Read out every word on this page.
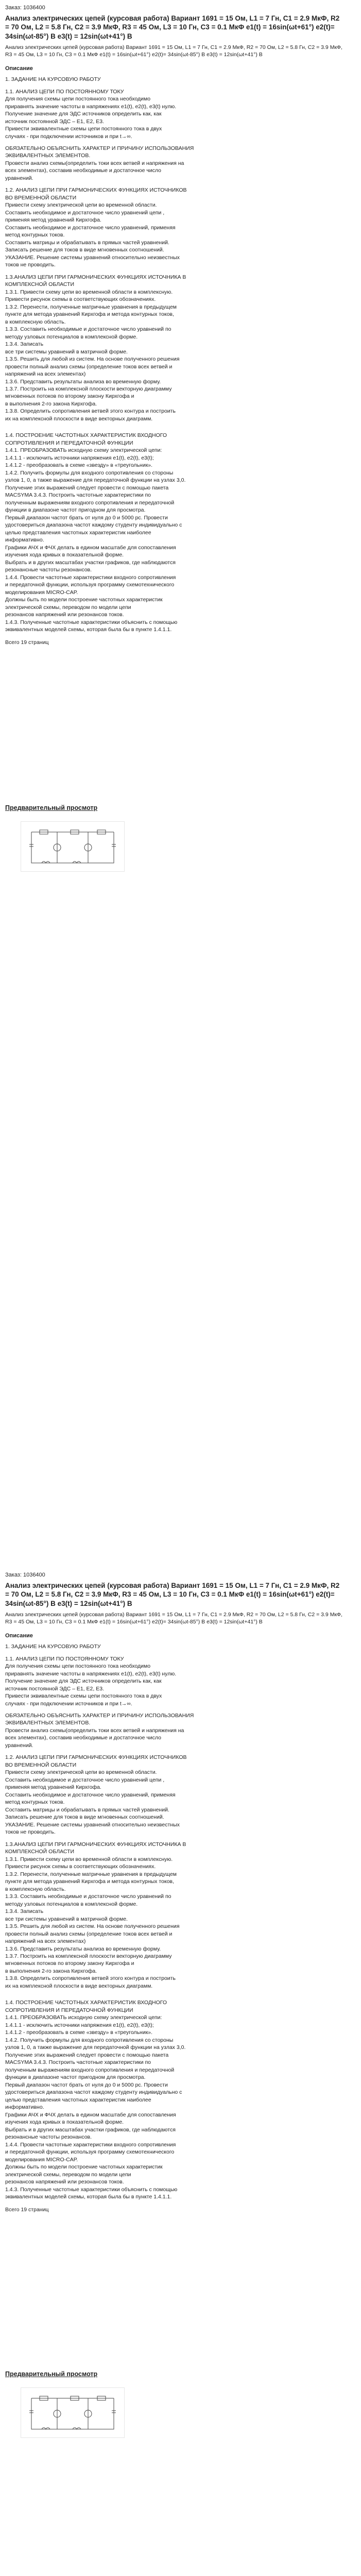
Заказ: 1036400
Анализ электрических цепей (курсовая работа) Вариант 1691 = 15 Ом, L1 = 7 Гн, C1 = 2.9 МкФ, R2 = 70 Ом, L2 = 5.8 Гн, C2 = 3.9 МкФ, R3 = 45 Ом, L3 = 10 Гн, C3 = 0.1 МкФ e1(t) = 16sin(ωt+61°) e2(t)= 34sin(ωt-85°) B e3(t) = 12sin(ωt+41°) B
Анализ электрических цепей (курсовая работа) Вариант 1691 = 15 Ом, L1 = 7 Гн, C1 = 2.9 МкФ, R2 = 70 Ом, L2 = 5.8 Гн, C2 = 3.9 МкФ, R3 = 45 Ом, L3 = 10 Гн, C3 = 0.1 МкФ e1(t) = 16sin(ωt+61°) e2(t)= 34sin(ωt-85°) B e3(t) = 12sin(ωt+41°) B
Описание

1. ЗАДАНИЕ НА КУРСОВУЮ РАБОТУ

1.1. АНАЛИЗ ЦЕПИ ПО ПОСТОЯННОМУ ТОКУ

Для получения схемы цепи постоянного тока необходимо

приравнять значение частоты в напряжениях e1(t), e2(t), e3(t) нулю.

Получение значение для ЭДС источников определить как, как

источник постоянной ЭДС – E1, E2, E3.

Привести эквивалентные схемы цепи постоянного тока в двух

случаях - при подключении источников и при t→∞.

ОБЯЗАТЕЛЬНО ОБЪЯСНИТЬ ХАРАКТЕР И ПРИЧИНУ ИСПОЛЬЗОВАНИЯ

ЭКВИВАЛЕНТНЫХ ЭЛЕМЕНТОВ.

Провести анализ схемы(определить токи всех ветвей и напряжения на

всех элементах), составив необходимые и достаточное число

уравнений.

1.2. АНАЛИЗ ЦЕПИ ПРИ ГАРМОНИЧЕСКИХ ФУНКЦИЯХ ИСТОЧНИКОВ

ВО ВРЕМЕННОЙ ОБЛАСТИ

Привести схему электрической цепи во временной области.

Составить необходимое и достаточное число уравнений цепи ,

применяя метод уравнений Кирхгофа.

Составить необходимое и достаточное число уравнений, применяя

метод контурных токов.

Составить матрицы и обрабатывать в прямых частей уравнений.

Записать решение для токов в виде мгновенных соотношений.

УКАЗАНИЕ. Решение системы уравнений относительно неизвестных

токов не проводить.

1.3.АНАЛИЗ ЦЕПИ ПРИ ГАРМОНИЧЕСКИХ ФУНКЦИЯХ ИСТОЧНИКА В

КОМПЛЕКСНОЙ ОБЛАСТИ

1.3.1. Привести схему цепи во временной области в комплексную.

Привести рисунок схемы в соответствующих обозначениях.

1.3.2. Перенести, полученные матричные уравнения в предыдущем

пункте для метода уравнений Кирхгофа и метода контурных токов,

в комплексную область.

1.3.3. Составить необходимые и достаточное число уравнений по

методу узловых потенциалов в комплексной форме.

1.3.4. Записать

все три системы уравнений в матричной форме.

1.3.5. Решить для любой из систем. На основе полученного решения

провести полный анализ схемы (определение токов всех ветвей и

напряжений на всех элементах)

1.3.6. Представить результаты анализа во временную форму.

1.3.7. Построить на комплексной плоскости векторную диаграмму

мгновенных потоков по второму закону Кирхгофа и

в выполнения 2-го закона Кирхгофа.

1.3.8. Определить сопротивления ветвей этого контура и построить

их на комплексной плоскости в виде векторных диаграмм.

1.4. ПОСТРОЕНИЕ ЧАСТОТНЫХ ХАРАКТЕРИСТИК ВХОДНОГО

СОПРОТИВЛЕНИЯ И ПЕРЕДАТОЧНОЙ ФУНКЦИИ

1.4.1. ПРЕОБРАЗОВАТЬ исходную схему электрической цепи:

1.4.1.1 - исключить источники напряжения e1(t), e2(t), e3(t);

1.4.1.2 - преобразовать в схеме «звезду» в «треугольник».

1.4.2. Получить формулы для входного сопротивления со стороны

узлов 1, 0, а также выражение для передаточной функции на узлах 3,0.

Получение этих выражений следует провести с помощью пакета

MACSYMA 3.4.3. Построить частотные характеристики по

полученным выражениям входного сопротивления и передаточной

функции в диапазоне частот пригодном для просмотра.

Первый диапазон частот брать от нуля до 0 и 5000 рс. Провести

удостовериться диапазона частот каждому студенту индивидуально с

целью представления частотных характеристик наиболее

информативно.

Графики АЧХ и ФЧХ делать в едином масштабе для сопоставления

изучения хода кривых в показательной форме.

Выбрать и в других масштабах участки графиков, где наблюдаются

резонансные частоты резонансов.

1.4.4. Провести частотные характеристики входного сопротивления

и передаточной функции, используя программу схемотехнического

моделирования MICRO-CAP.

Должны быть по модели построение частотных характеристик

электрической схемы, переводом по модели цепи

резонансов напряжений или резонансов токов.

1.4.3. Полученные частотные характеристики объяснить с помощью

эквивалентных моделей схемы, которая была бы в пункте 1.4.1.1.

Всего 19 страниц
Предварительный просмотр
Заказ: 1036400
Анализ электрических цепей (курсовая работа) Вариант 1691 = 15 Ом, L1 = 7 Гн, C1 = 2.9 МкФ, R2 = 70 Ом, L2 = 5.8 Гн, C2 = 3.9 МкФ, R3 = 45 Ом, L3 = 10 Гн, C3 = 0.1 МкФ e1(t) = 16sin(ωt+61°) e2(t)= 34sin(ωt-85°) B e3(t) = 12sin(ωt+41°) B
Анализ электрических цепей (курсовая работа) Вариант 1691 = 15 Ом, L1 = 7 Гн, C1 = 2.9 МкФ, R2 = 70 Ом, L2 = 5.8 Гн, C2 = 3.9 МкФ, R3 = 45 Ом, L3 = 10 Гн, C3 = 0.1 МкФ e1(t) = 16sin(ωt+61°) e2(t)= 34sin(ωt-85°) B e3(t) = 12sin(ωt+41°) B
Описание

1. ЗАДАНИЕ НА КУРСОВУЮ РАБОТУ

1.1. АНАЛИЗ ЦЕПИ ПО ПОСТОЯННОМУ ТОКУ

Для получения схемы цепи постоянного тока необходимо

приравнять значение частоты в напряжениях e1(t), e2(t), e3(t) нулю.

Получение значение для ЭДС источников определить как, как

источник постоянной ЭДС – E1, E2, E3.

Привести эквивалентные схемы цепи постоянного тока в двух

случаях - при подключении источников и при t→∞.

ОБЯЗАТЕЛЬНО ОБЪЯСНИТЬ ХАРАКТЕР И ПРИЧИНУ ИСПОЛЬЗОВАНИЯ

ЭКВИВАЛЕНТНЫХ ЭЛЕМЕНТОВ.

Провести анализ схемы(определить токи всех ветвей и напряжения на

всех элементах), составив необходимые и достаточное число

уравнений.

1.2. АНАЛИЗ ЦЕПИ ПРИ ГАРМОНИЧЕСКИХ ФУНКЦИЯХ ИСТОЧНИКОВ

ВО ВРЕМЕННОЙ ОБЛАСТИ

Привести схему электрической цепи во временной области.

Составить необходимое и достаточное число уравнений цепи ,

применяя метод уравнений Кирхгофа.

Составить необходимое и достаточное число уравнений, применяя

метод контурных токов.

Составить матрицы и обрабатывать в прямых частей уравнений.

Записать решение для токов в виде мгновенных соотношений.

УКАЗАНИЕ. Решение системы уравнений относительно неизвестных

токов не проводить.

1.3.АНАЛИЗ ЦЕПИ ПРИ ГАРМОНИЧЕСКИХ ФУНКЦИЯХ ИСТОЧНИКА В

КОМПЛЕКСНОЙ ОБЛАСТИ

1.3.1. Привести схему цепи во временной области в комплексную.

Привести рисунок схемы в соответствующих обозначениях.

1.3.2. Перенести, полученные матричные уравнения в предыдущем

пункте для метода уравнений Кирхгофа и метода контурных токов,

в комплексную область.

1.3.3. Составить необходимые и достаточное число уравнений по

методу узловых потенциалов в комплексной форме.

1.3.4. Записать

все три системы уравнений в матричной форме.

1.3.5. Решить для любой из систем. На основе полученного решения

провести полный анализ схемы (определение токов всех ветвей и

напряжений на всех элементах)

1.3.6. Представить результаты анализа во временную форму.

1.3.7. Построить на комплексной плоскости векторную диаграмму

мгновенных потоков по второму закону Кирхгофа и

в выполнения 2-го закона Кирхгофа.

1.3.8. Определить сопротивления ветвей этого контура и построить

их на комплексной плоскости в виде векторных диаграмм.

1.4. ПОСТРОЕНИЕ ЧАСТОТНЫХ ХАРАКТЕРИСТИК ВХОДНОГО

СОПРОТИВЛЕНИЯ И ПЕРЕДАТОЧНОЙ ФУНКЦИИ

1.4.1. ПРЕОБРАЗОВАТЬ исходную схему электрической цепи:

1.4.1.1 - исключить источники напряжения e1(t), e2(t), e3(t);

1.4.1.2 - преобразовать в схеме «звезду» в «треугольник».

1.4.2. Получить формулы для входного сопротивления со стороны

узлов 1, 0, а также выражение для передаточной функции на узлах 3,0.

Получение этих выражений следует провести с помощью пакета

MACSYMA 3.4.3. Построить частотные характеристики по

полученным выражениям входного сопротивления и передаточной

функции в диапазоне частот пригодном для просмотра.

Первый диапазон частот брать от нуля до 0 и 5000 рс. Провести

удостовериться диапазона частот каждому студенту индивидуально с

целью представления частотных характеристик наиболее

информативно.

Графики АЧХ и ФЧХ делать в едином масштабе для сопоставления

изучения хода кривых в показательной форме.

Выбрать и в других масштабах участки графиков, где наблюдаются

резонансные частоты резонансов.

1.4.4. Провести частотные характеристики входного сопротивления

и передаточной функции, используя программу схемотехнического

моделирования MICRO-CAP.

Должны быть по модели построение частотных характеристик

электрической схемы, переводом по модели цепи

резонансов напряжений или резонансов токов.

1.4.3. Полученные частотные характеристики объяснить с помощью

эквивалентных моделей схемы, которая была бы в пункте 1.4.1.1.

Всего 19 страниц
Предварительный просмотр
